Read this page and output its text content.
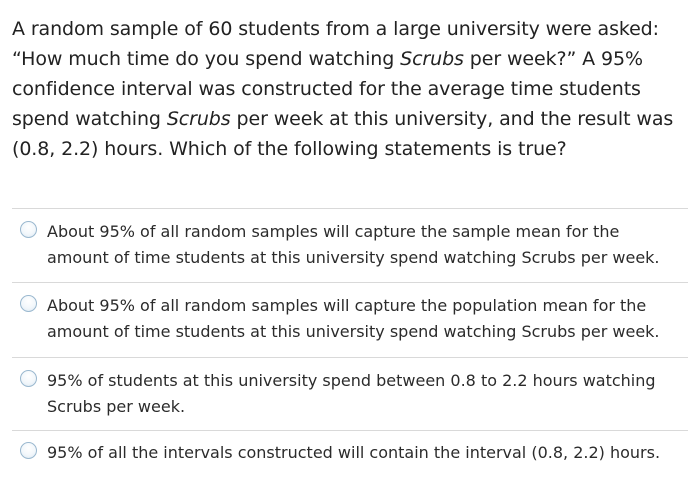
A random sample of 60 students from a large university were asked: “How much time do you spend watching Scrubs per week?” A 95% confidence interval was constructed for the average time students spend watching Scrubs per week at this university, and the result was (0.8, 2.2) hours. Which of the following statements is true?
About 95% of all random samples will capture the sample mean for the amount of time students at this university spend watching Scrubs per week.
About 95% of all random samples will capture the population mean for the amount of time students at this university spend watching Scrubs per week.
95% of students at this university spend between 0.8 to 2.2 hours watching Scrubs per week.
95% of all the intervals constructed will contain the interval (0.8, 2.2) hours.
